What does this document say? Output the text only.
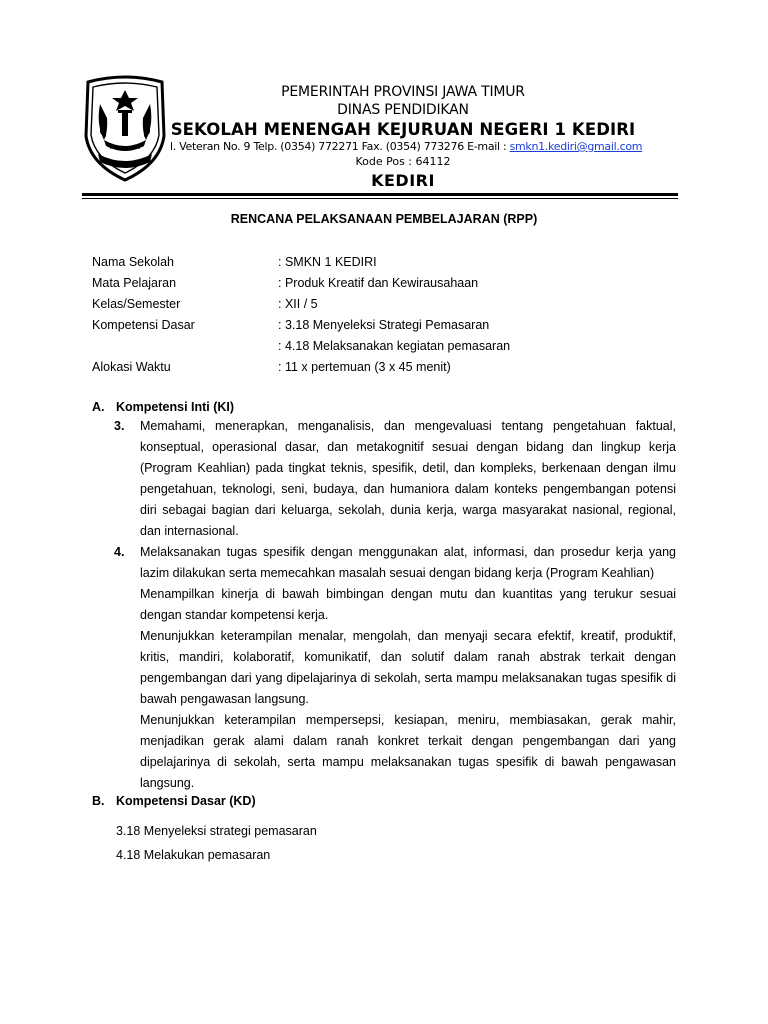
PEMERINTAH PROVINSI JAWA TIMUR
DINAS PENDIDIKAN
SEKOLAH MENENGAH KEJURUAN NEGERI 1 KEDIRI
l. Veteran No. 9 Telp. (0354) 772271 Fax. (0354) 773276 E-mail : smkn1.kediri@gmail.com
Kode Pos : 64112
KEDIRI
RENCANA PELAKSANAAN PEMBELAJARAN (RPP)
Nama Sekolah	: SMKN 1 KEDIRI
Mata Pelajaran	: Produk Kreatif dan Kewirausahaan
Kelas/Semester	: XII / 5
Kompetensi Dasar	: 3.18 Menyeleksi Strategi Pemasaran
: 4.18 Melaksanakan kegiatan pemasaran
Alokasi Waktu	: 11 x pertemuan (3 x 45 menit)
A. Kompetensi Inti (KI)
3. Memahami, menerapkan, menganalisis, dan mengevaluasi tentang pengetahuan faktual, konseptual, operasional dasar, dan metakognitif sesuai dengan bidang dan lingkup kerja (Program Keahlian) pada tingkat teknis, spesifik, detil, dan kompleks, berkenaan dengan ilmu pengetahuan, teknologi, seni, budaya, dan humaniora dalam konteks pengembangan potensi diri sebagai bagian dari keluarga, sekolah, dunia kerja, warga masyarakat nasional, regional, dan internasional.

4. Melaksanakan tugas spesifik dengan menggunakan alat, informasi, dan prosedur kerja yang lazim dilakukan serta memecahkan masalah sesuai dengan bidang kerja (Program Keahlian)

Menampilkan kinerja di bawah bimbingan dengan mutu dan kuantitas yang terukur sesuai dengan standar kompetensi kerja.

Menunjukkan keterampilan menalar, mengolah, dan menyaji secara efektif, kreatif, produktif, kritis, mandiri, kolaboratif, komunikatif, dan solutif dalam ranah abstrak terkait dengan pengembangan dari yang dipelajarinya di sekolah, serta mampu melaksanakan tugas spesifik di bawah pengawasan langsung.

Menunjukkan keterampilan mempersepsi, kesiapan, meniru, membiasakan, gerak mahir, menjadikan gerak alami dalam ranah konkret terkait dengan pengembangan dari yang dipelajarinya di sekolah, serta mampu melaksanakan tugas spesifik di bawah pengawasan langsung.

B. Kompetensi Dasar (KD)
3.18 Menyeleksi strategi pemasaran
4.18 Melakukan pemasaran
